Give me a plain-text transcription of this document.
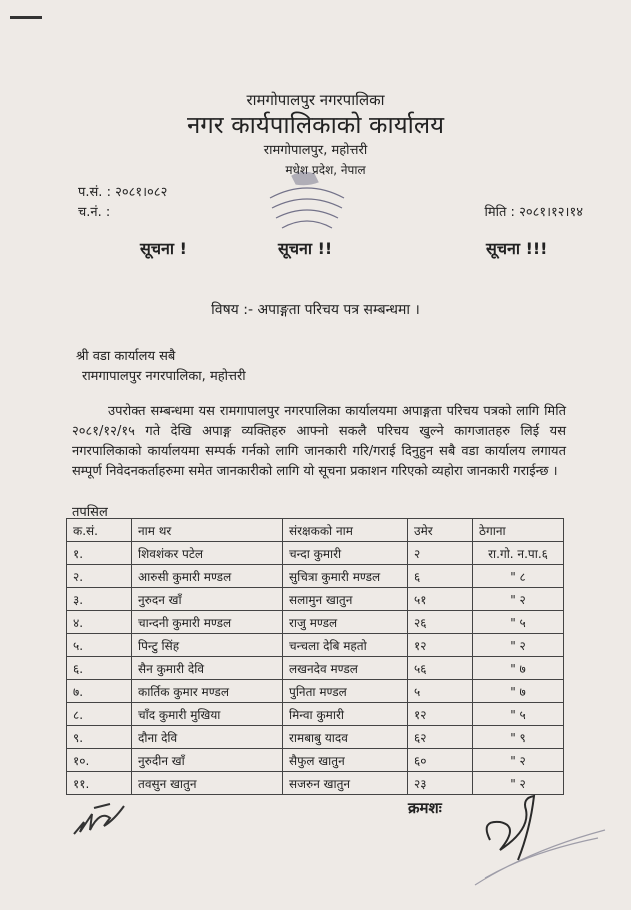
रामगोपालपुर नगरपालिका
नगर कार्यपालिकाको कार्यालय
रामगोपालपुर, महोत्तरी
मधेश प्रदेश, नेपाल
प.सं. : २०८१।०८२
च.नं. :	मिति : २०८१।१२।१४
सूचना !	सूचना !!	सूचना !!!
विषय :- अपाङ्गता परिचय पत्र सम्बन्धमा ।
श्री वडा कार्यालय सबै
रामगापालपुर नगरपालिका, महोत्तरी
उपरोक्त सम्बन्धमा यस रामगापालपुर नगरपालिका कार्यालयमा अपाङ्गता परिचय पत्रको लागि मिति २०८१/१२/१५ गते देखि अपाङ्ग व्यक्तिहरु आफ्नो सकलै परिचय खुल्ने कागजातहरु लिई यस नगरपालिकाको कार्यालयमा सम्पर्क गर्नको लागि जानकारी गरि/गराई दिनुहुन सबै वडा कार्यालय लगायत सम्पूर्ण निवेदनकर्ताहरुमा समेत जानकारीको लागि यो सूचना प्रकाशन गरिएको व्यहोरा जानकारी गराईन्छ ।
तपसिल
क.सं.	नाम थर	संरक्षकको नाम	उमेर	ठेगाना
१.	शिवशंकर पटेल	चन्दा कुमारी	२	रा.गो. न.पा.६
२.	आरुसी कुमारी मण्डल	सुचित्रा कुमारी मण्डल	६	" ८
३.	नुरुदन खाँ	सलामुन खातुन	५१	" २
४.	चान्दनी कुमारी मण्डल	राजु मण्डल	२६	" ५
५.	पिन्टु सिंह	चन्चला देबि महतो	१२	" २
६.	सैन कुमारी देवि	लखनदेव मण्डल	५६	" ७
७.	कार्तिक कुमार मण्डल	पुनिता मण्डल	५	" ७
८.	चाँद कुमारी मुखिया	मिन्वा कुमारी	१२	" ५
९.	दौना देवि	रामबाबु यादव	६२	" ९
१०.	नुरुदीन खाँ	सैफुल खातुन	६०	" २
११.	तवसुन खातुन	सजरुन खातुन	२३	" २
क्रमशः
